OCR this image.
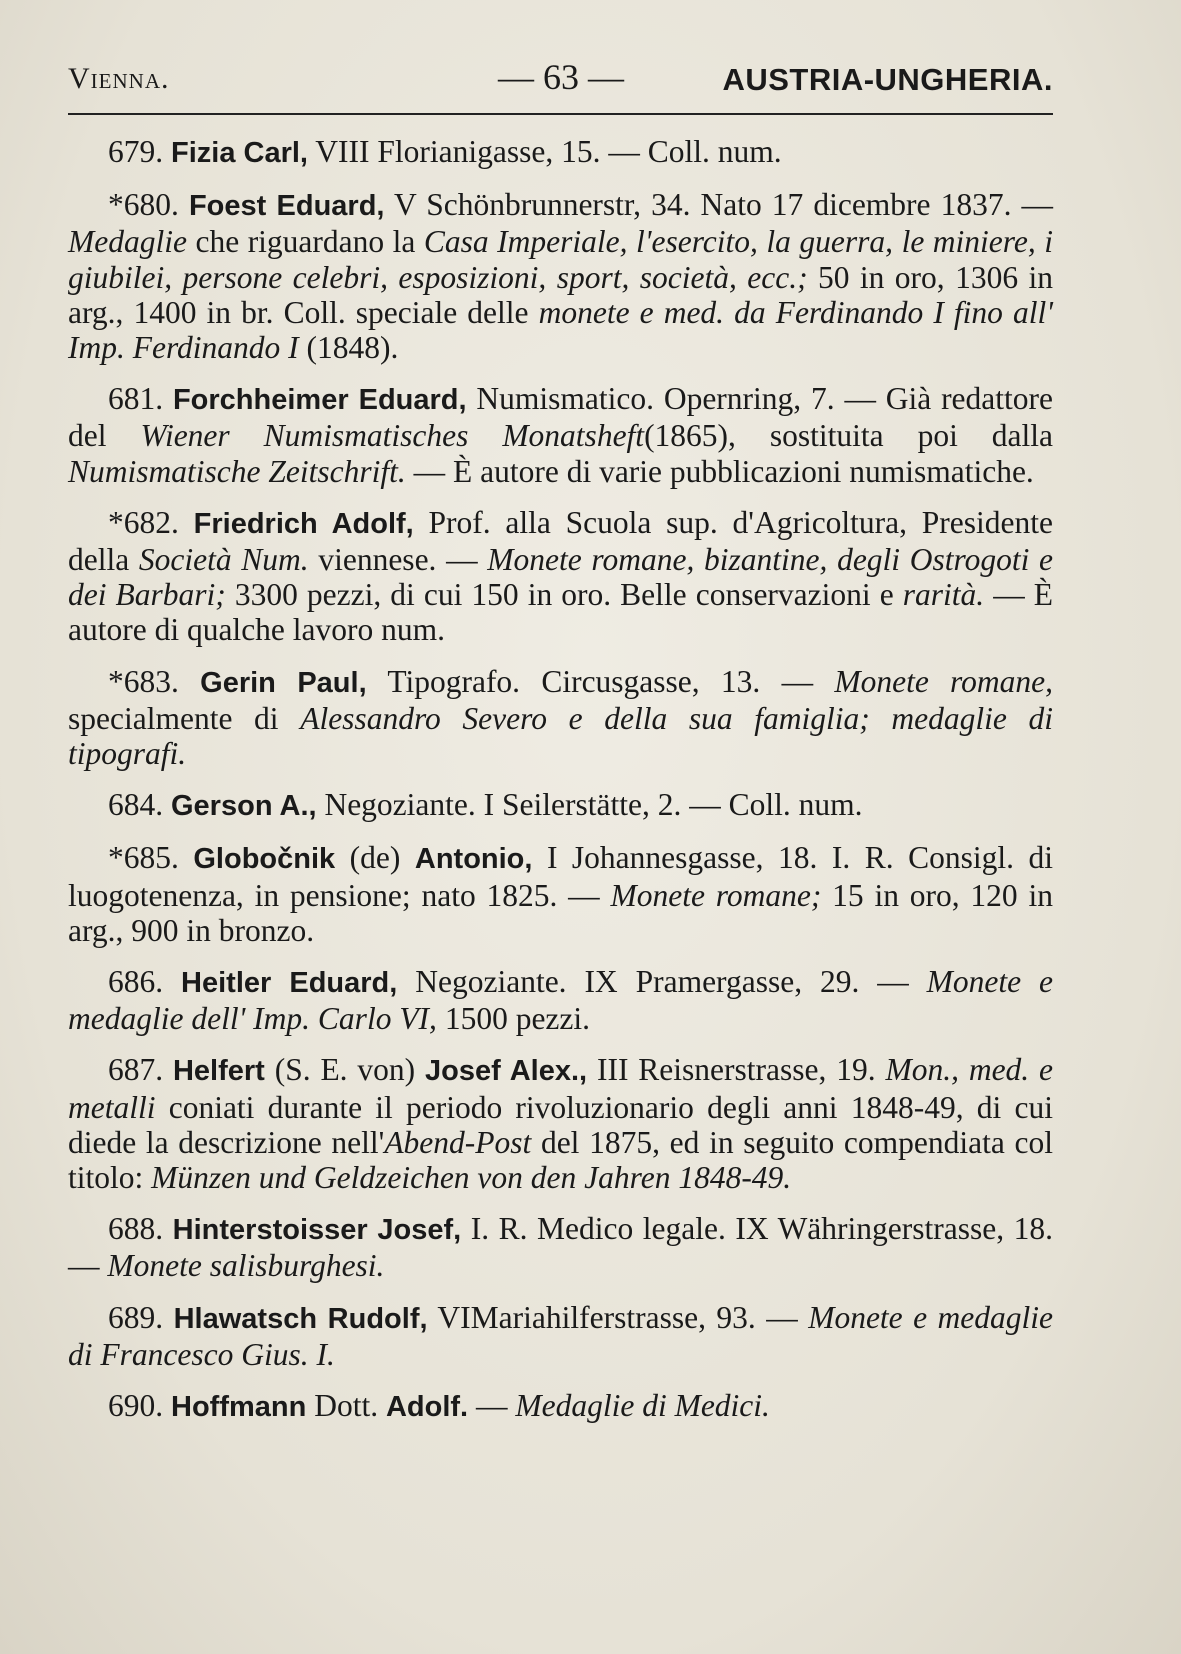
Vienna.	— 63 —	AUSTRIA-UNGHERIA.

679. Fizia Carl, VIII Florianigasse, 15. — Coll. num.

*680. Foest Eduard, V Schönbrunnerstr, 34. Nato 17 dicembre 1837. — Medaglie che riguardano la Casa Imperiale, l'esercito, la guerra, le miniere, i giubilei, persone celebri, esposizioni, sport, società, ecc.; 50 in oro, 1306 in arg., 1400 in br. Coll. speciale delle monete e med. da Ferdinando I fino all' Imp. Ferdinando I (1848).

681. Forchheimer Eduard, Numismatico. Opernring, 7. — Già redattore del Wiener Numismatisches Monatsheft(1865), sostituita poi dalla Numismatische Zeitschrift. — È autore di varie pubblicazioni numismatiche.

*682. Friedrich Adolf, Prof. alla Scuola sup. d'Agricoltura, Presidente della Società Num. viennese. — Monete romane, bizantine, degli Ostrogoti e dei Barbari; 3300 pezzi, di cui 150 in oro. Belle conservazioni e rarità. — È autore di qualche lavoro num.

*683. Gerin Paul, Tipografo. Circusgasse, 13. — Monete romane, specialmente di Alessandro Severo e della sua famiglia; medaglie di tipografi.

684. Gerson A., Negoziante. I Seilerstätte, 2. — Coll. num.

*685. Globočnik (de) Antonio, I Johannesgasse, 18. I. R. Consigl. di luogotenenza, in pensione; nato 1825. — Monete romane; 15 in oro, 120 in arg., 900 in bronzo.

686. Heitler Eduard, Negoziante. IX Pramergasse, 29. — Monete e medaglie dell' Imp. Carlo VI, 1500 pezzi.

687. Helfert (S. E. von) Josef Alex., III Reisnerstrasse, 19. Mon., med. e metalli coniati durante il periodo rivoluzionario degli anni 1848-49, di cui diede la descrizione nell'Abend-Post del 1875, ed in seguito compendiata col titolo: Münzen und Geldzeichen von den Jahren 1848-49.

688. Hinterstoisser Josef, I. R. Medico legale. IX Währingerstrasse, 18. — Monete salisburghesi.

689. Hlawatsch Rudolf, VIMariahilferstrasse, 93. — Monete e medaglie di Francesco Gius. I.

690. Hoffmann Dott. Adolf. — Medaglie di Medici.
